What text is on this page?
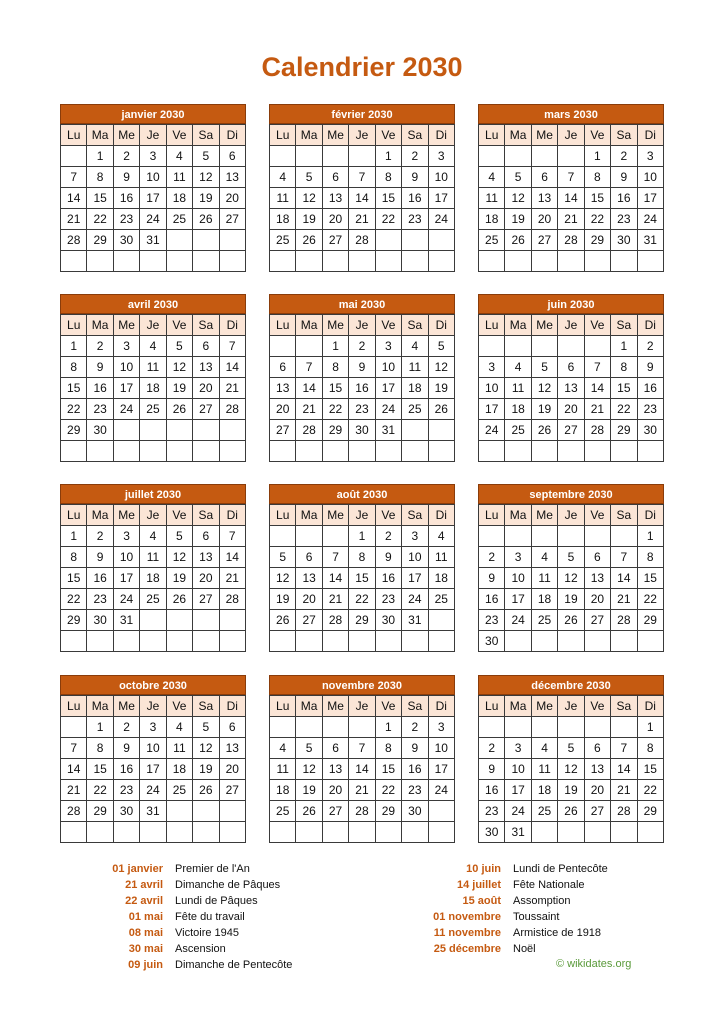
Calendrier 2030
janvier 2030
Lu	Ma	Me	Je	Ve	Sa	Di
	1	2	3	4	5	6
7	8	9	10	11	12	13
14	15	16	17	18	19	20
21	22	23	24	25	26	27
28	29	30	31			

février 2030
Lu	Ma	Me	Je	Ve	Sa	Di
				1	2	3
4	5	6	7	8	9	10
11	12	13	14	15	16	17
18	19	20	21	22	23	24
25	26	27	28			

mars 2030
Lu	Ma	Me	Je	Ve	Sa	Di
				1	2	3
4	5	6	7	8	9	10
11	12	13	14	15	16	17
18	19	20	21	22	23	24
25	26	27	28	29	30	31

avril 2030
Lu	Ma	Me	Je	Ve	Sa	Di
1	2	3	4	5	6	7
8	9	10	11	12	13	14
15	16	17	18	19	20	21
22	23	24	25	26	27	28
29	30					

mai 2030
Lu	Ma	Me	Je	Ve	Sa	Di
		1	2	3	4	5
6	7	8	9	10	11	12
13	14	15	16	17	18	19
20	21	22	23	24	25	26
27	28	29	30	31		

juin 2030
Lu	Ma	Me	Je	Ve	Sa	Di
					1	2
3	4	5	6	7	8	9
10	11	12	13	14	15	16
17	18	19	20	21	22	23
24	25	26	27	28	29	30

juillet 2030
Lu	Ma	Me	Je	Ve	Sa	Di
1	2	3	4	5	6	7
8	9	10	11	12	13	14
15	16	17	18	19	20	21
22	23	24	25	26	27	28
29	30	31				

août 2030
Lu	Ma	Me	Je	Ve	Sa	Di
			1	2	3	4
5	6	7	8	9	10	11
12	13	14	15	16	17	18
19	20	21	22	23	24	25
26	27	28	29	30	31	

septembre 2030
Lu	Ma	Me	Je	Ve	Sa	Di
						1
2	3	4	5	6	7	8
9	10	11	12	13	14	15
16	17	18	19	20	21	22
23	24	25	26	27	28	29
30						
octobre 2030
Lu	Ma	Me	Je	Ve	Sa	Di
	1	2	3	4	5	6
7	8	9	10	11	12	13
14	15	16	17	18	19	20
21	22	23	24	25	26	27
28	29	30	31			

novembre 2030
Lu	Ma	Me	Je	Ve	Sa	Di
				1	2	3
4	5	6	7	8	9	10
11	12	13	14	15	16	17
18	19	20	21	22	23	24
25	26	27	28	29	30	

décembre 2030
Lu	Ma	Me	Je	Ve	Sa	Di
						1
2	3	4	5	6	7	8
9	10	11	12	13	14	15
16	17	18	19	20	21	22
23	24	25	26	27	28	29
30	31					
01 janvier Premier de l'An
21 avril Dimanche de Pâques
22 avril Lundi de Pâques
01 mai Fête du travail
08 mai Victoire 1945
30 mai Ascension
09 juin Dimanche de Pentecôte
10 juin Lundi de Pentecôte
14 juillet Fête Nationale
15 août Assomption
01 novembre Toussaint
11 novembre Armistice de 1918
25 décembre Noël
© wikidates.org
